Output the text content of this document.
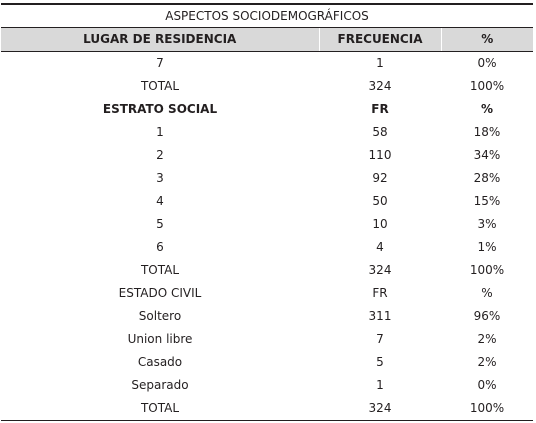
ASPECTOS SOCIODEMOGRÁFICOS		
LUGAR DE RESIDENCIA	FRECUENCIA	%
7	1	0%
TOTAL	324	100%
ESTRATO SOCIAL	FR	%
1	58	18%
2	110	34%
3	92	28%
4	50	15%
5	10	3%
6	4	1%
TOTAL	324	100%
ESTADO CIVIL	FR	%
Soltero	311	96%
Union libre	7	2%
Casado	5	2%
Separado	1	0%
TOTAL	324	100%
